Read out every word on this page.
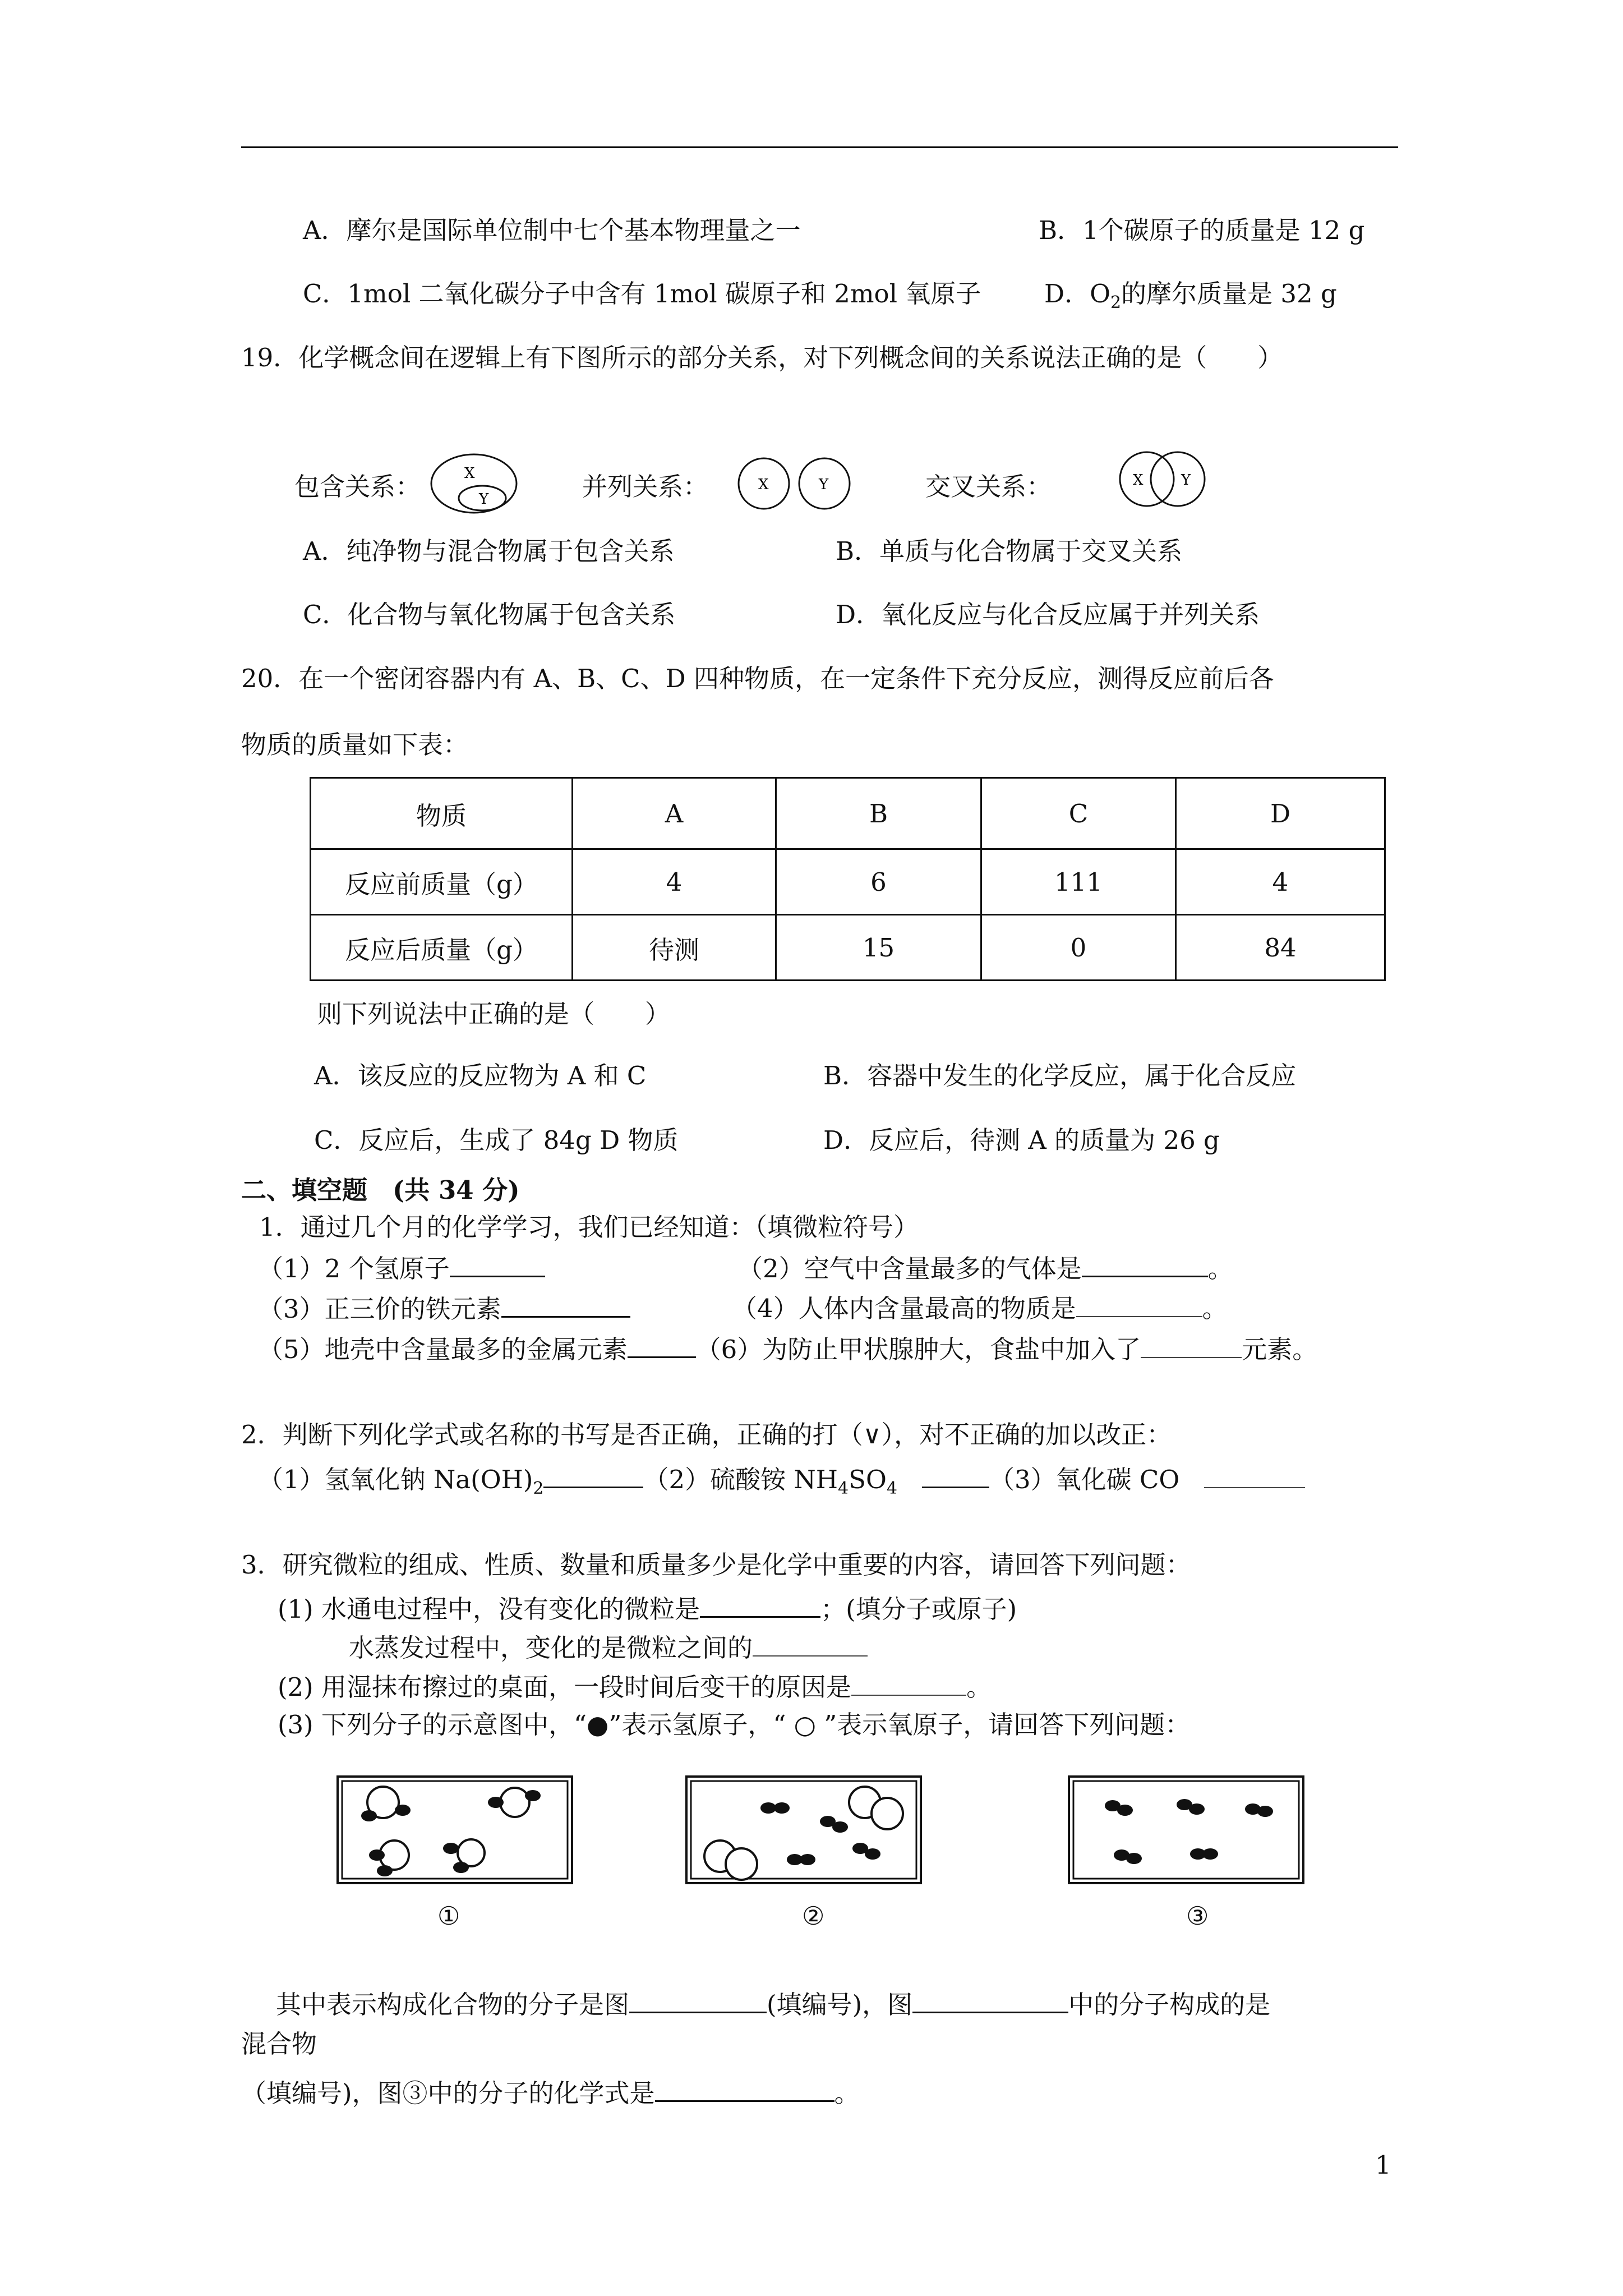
A．摩尔是国际单位制中七个基本物理量之一	B．1个碳原子的质量是 12 g
C．1mol 二氧化碳分子中含有 1mol 碳原子和 2mol 氧原子	D．$O_2$的摩尔质量是 32 g
19．化学概念间在逻辑上有下图所示的部分关系，对下列概念间的关系说法正确的是（　　）
包含关系：	X
Y	并列关系：	X	Y	交叉关系：	X	Y
A．纯净物与混合物属于包含关系	B．单质与化合物属于交叉关系
C．化合物与氧化物属于包含关系	D．氧化反应与化合反应属于并列关系
20．在一个密闭容器内有 A、B、C、D 四种物质，在一定条件下充分反应，测得反应前后各
物质的质量如下表：
物质	A	B	C	D
反应前质量（g）	4	6	111	4
反应后质量（g）	待测	15	0	84
则下列说法中正确的是（　　）
A．该反应的反应物为 A 和 C	B．容器中发生的化学反应，属于化合反应
C．反应后，生成了 84g D 物质	D．反应后，待测 A 的质量为 26 g
二、填空题　(共 34 分)
1．通过几个月的化学学习，我们已经知道：（填微粒符号）
（1）2 个氢原子	（2）空气中含量最多的气体是	。
（3）正三价的铁元素	（4）人体内含量最高的物质是	。
（5）地壳中含量最多的金属元素	（6）为防止甲状腺肿大，食盐中加入了	元素。
2．判断下列化学式或名称的书写是否正确，正确的打（∨），对不正确的加以改正：
（1）氢氧化钠 $Na(OH)_2$	（2）硫酸铵 $NH_4SO_4$	（3）氧化碳 CO
3．研究微粒的组成、性质、数量和质量多少是化学中重要的内容，请回答下列问题：
(1) 水通电过程中，没有变化的微粒是	；(填分子或原子)
水蒸发过程中，变化的是微粒之间的
(2) 用湿抹布擦过的桌面，一段时间后变干的原因是	。
(3) 下列分子的示意图中，“●”表示氢原子，“ ○ ”表示氧原子，请回答下列问题：
①	②	③
其中表示构成化合物的分子是图	(填编号)，图	中的分子构成的是
混合物
（填编号)，图③中的分子的化学式是	。
1
